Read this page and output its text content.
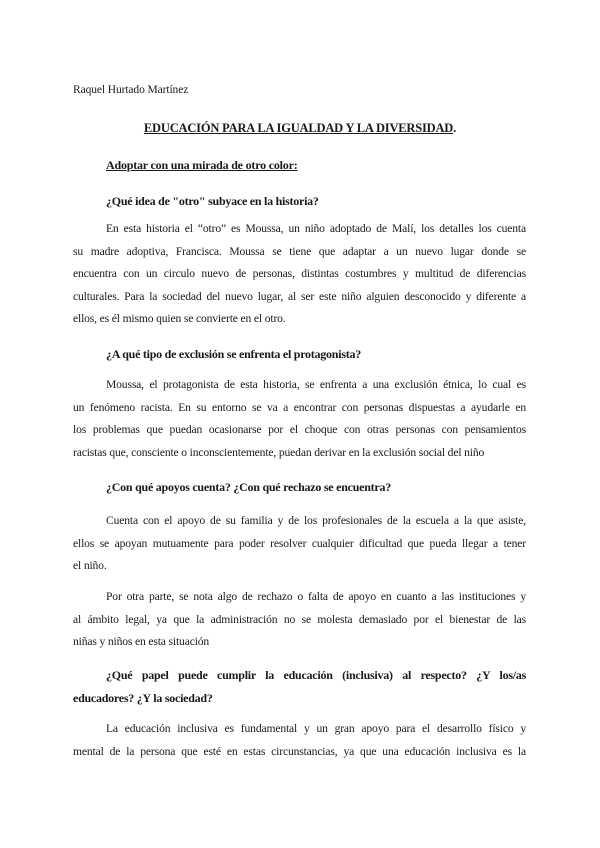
Raquel Hurtado Martínez
EDUCACIÓN PARA LA IGUALDAD Y LA DIVERSIDAD.
Adoptar con una mirada de otro color:
¿Qué idea de "otro" subyace en la historia?
En esta historia el “otro” es Moussa, un niño adoptado de Malí, los detalles los cuenta
su madre adoptiva, Francisca. Moussa se tiene que adaptar a un nuevo lugar donde se
encuentra con un circulo nuevo de personas, distintas costumbres y multitud de diferencias
culturales. Para la sociedad del nuevo lugar, al ser este niño alguien desconocido y diferente a
ellos, es él mismo quien se convierte en el otro.
¿A qué tipo de exclusión se enfrenta el protagonista?
Moussa, el protagonista de esta historia, se enfrenta a una exclusión étnica, lo cual es
un fenómeno racista. En su entorno se va a encontrar con personas dispuestas a ayudarle en
los problemas que puedan ocasionarse por el choque con otras personas con pensamientos
racistas que, consciente o inconscientemente, puedan derivar en la exclusión social del niño
¿Con qué apoyos cuenta? ¿Con qué rechazo se encuentra?
Cuenta con el apoyo de su familia y de los profesionales de la escuela a la que asiste,
ellos se apoyan mutuamente para poder resolver cualquier dificultad que pueda llegar a tener
el niño.
Por otra parte, se nota algo de rechazo o falta de apoyo en cuanto a las instituciones y
al ámbito legal, ya que la administración no se molesta demasiado por el bienestar de las
niñas y niños en esta situación
¿Qué papel puede cumplir la educación (inclusiva) al respecto? ¿Y los/as
educadores? ¿Y la sociedad?
La educación inclusiva es fundamental y un gran apoyo para el desarrollo físico y
mental de la persona que esté en estas circunstancias, ya que una educación inclusiva es la
